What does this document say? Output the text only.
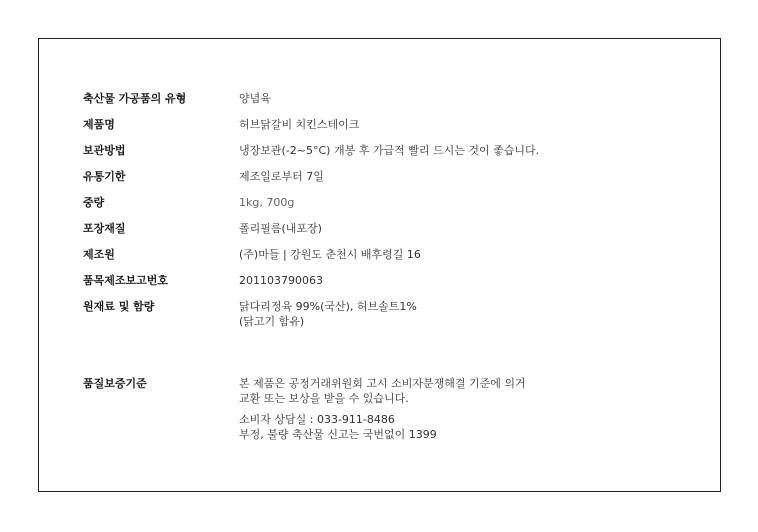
축산물 가공품의 유형	양념육
제품명	허브닭갈비 치킨스테이크
보관방법	냉장보관(-2~5°C) 개봉 후 가급적 빨리 드시는 것이 좋습니다.
유통기한	제조일로부터 7일
중량	1kg, 700g
포장재질	폴리필름(내포장)
제조원	(주)마들 | 강원도 춘천시 배후령길 16
품목제조보고번호	201103790063
원재료 및 함량	닭다리정육 99%(국산), 허브솔트1%
(닭고기 함유)
품질보증기준	본 제품은 공정거래위원회 고시 소비자분쟁해결 기준에 의거
교환 또는 보상을 받을 수 있습니다.
소비자 상담실 : 033-911-8486
부정, 불량 축산물 신고는 국번없이 1399
